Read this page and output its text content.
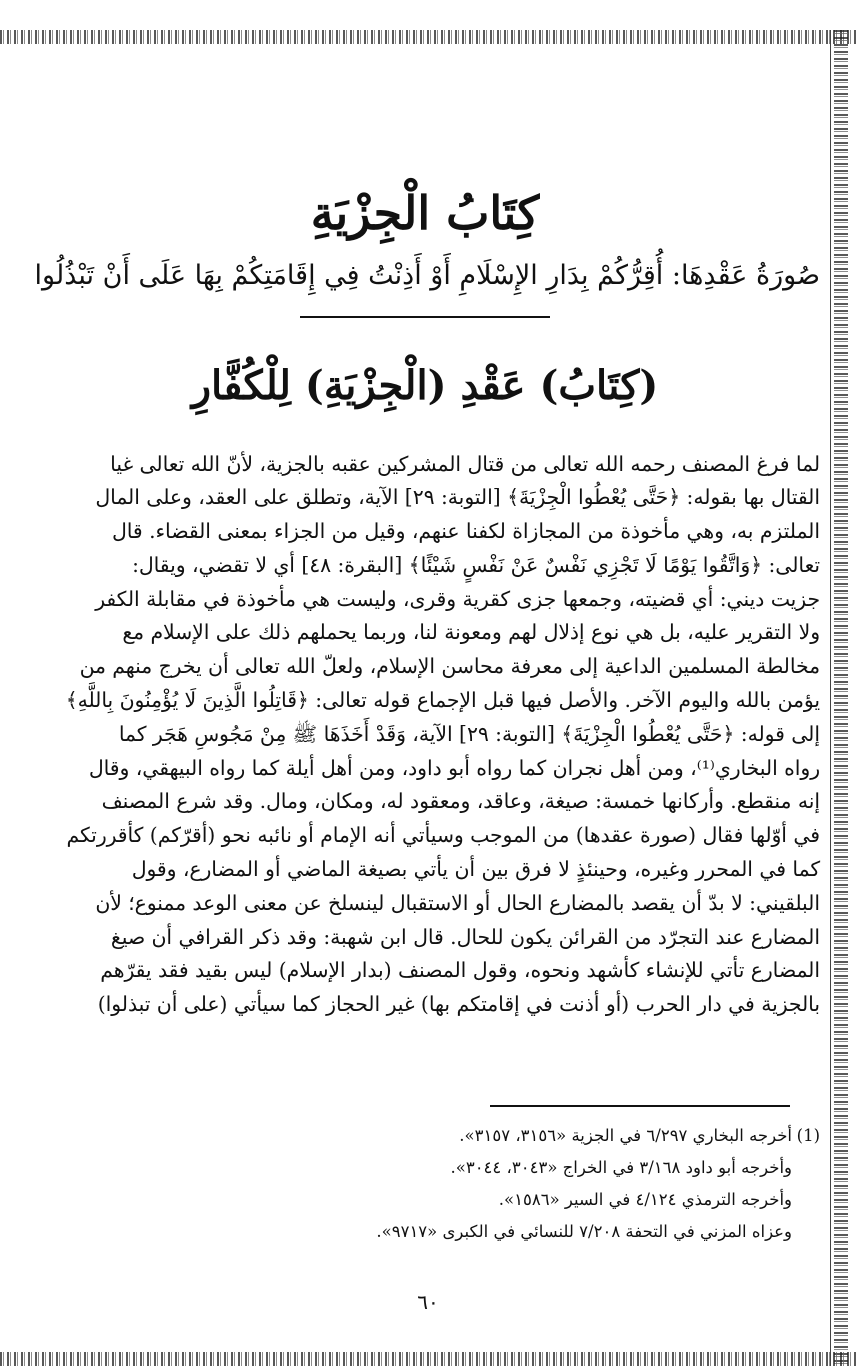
كِتَابُ الْجِزْيَةِ
صُورَةُ عَقْدِهَا: أُقِرُّكُمْ بِدَارِ الإِسْلَامِ أَوْ أَذِنْتُ فِي إِقَامَتِكُمْ بِهَا عَلَى أَنْ تَبْذُلُوا
(كِتَابُ) عَقْدِ (الْجِزْيَةِ) لِلْكُفَّارِ

لما فرغ المصنف رحمه الله تعالى من قتال المشركين عقبه بالجزية، لأنّ الله تعالى غيا

القتال بها بقوله: ﴿حَتَّى يُعْطُوا الْجِزْيَةَ﴾ [التوبة: ٢٩] الآية، وتطلق على العقد، وعلى المال

الملتزم به، وهي مأخوذة من المجازاة لكفنا عنهم، وقيل من الجزاء بمعنى القضاء. قال

تعالى: ﴿وَاتَّقُوا يَوْمًا لَا تَجْزِي نَفْسٌ عَنْ نَفْسٍ شَيْئًا﴾ [البقرة: ٤٨] أي لا تقضي، ويقال:

جزيت ديني: أي قضيته، وجمعها جزى كقرية وقرى، وليست هي مأخوذة في مقابلة الكفر

ولا التقرير عليه، بل هي نوع إذلال لهم ومعونة لنا، وربما يحملهم ذلك على الإسلام مع

مخالطة المسلمين الداعية إلى معرفة محاسن الإسلام، ولعلّ الله تعالى أن يخرج منهم من

يؤمن بالله واليوم الآخر. والأصل فيها قبل الإجماع قوله تعالى: ﴿قَاتِلُوا الَّذِينَ لَا يُؤْمِنُونَ بِاللَّهِ﴾

إلى قوله: ﴿حَتَّى يُعْطُوا الْجِزْيَةَ﴾ [التوبة: ٢٩] الآية، وَقَدْ أَخَذَهَا ﷺ مِنْ مَجُوسِ هَجَر كما

رواه البخاري⁽¹⁾، ومن أهل نجران كما رواه أبو داود، ومن أهل أيلة كما رواه البيهقي، وقال

إنه منقطع. وأركانها خمسة: صيغة، وعاقد، ومعقود له، ومكان، ومال. وقد شرع المصنف

في أوّلها فقال (صورة عقدها) من الموجب وسيأتي أنه الإمام أو نائبه نحو (أقرّكم) كأقررتكم

كما في المحرر وغيره، وحينئذٍ لا فرق بين أن يأتي بصيغة الماضي أو المضارع، وقول

البلقيني: لا بدّ أن يقصد بالمضارع الحال أو الاستقبال لينسلخ عن معنى الوعد ممنوع؛ لأن

المضارع عند التجرّد من القرائن يكون للحال. قال ابن شهبة: وقد ذكر القرافي أن صيغ

المضارع تأتي للإنشاء كأشهد ونحوه، وقول المصنف (بدار الإسلام) ليس بقيد فقد يقرّهم

بالجزية في دار الحرب (أو أذنت في إقامتكم بها) غير الحجاز كما سيأتي (على أن تبذلوا)

(1)أخرجه البخاري ٦/٢٩٧ في الجزية «٣١٥٦، ٣١٥٧».
وأخرجه أبو داود ٣/١٦٨ في الخراج «٣٠٤٣، ٣٠٤٤».
وأخرجه الترمذي ٤/١٢٤ في السير «١٥٨٦».
وعزاه المزني في التحفة ٧/٢٠٨ للنسائي في الكبرى «٩٧١٧».
٦٠
